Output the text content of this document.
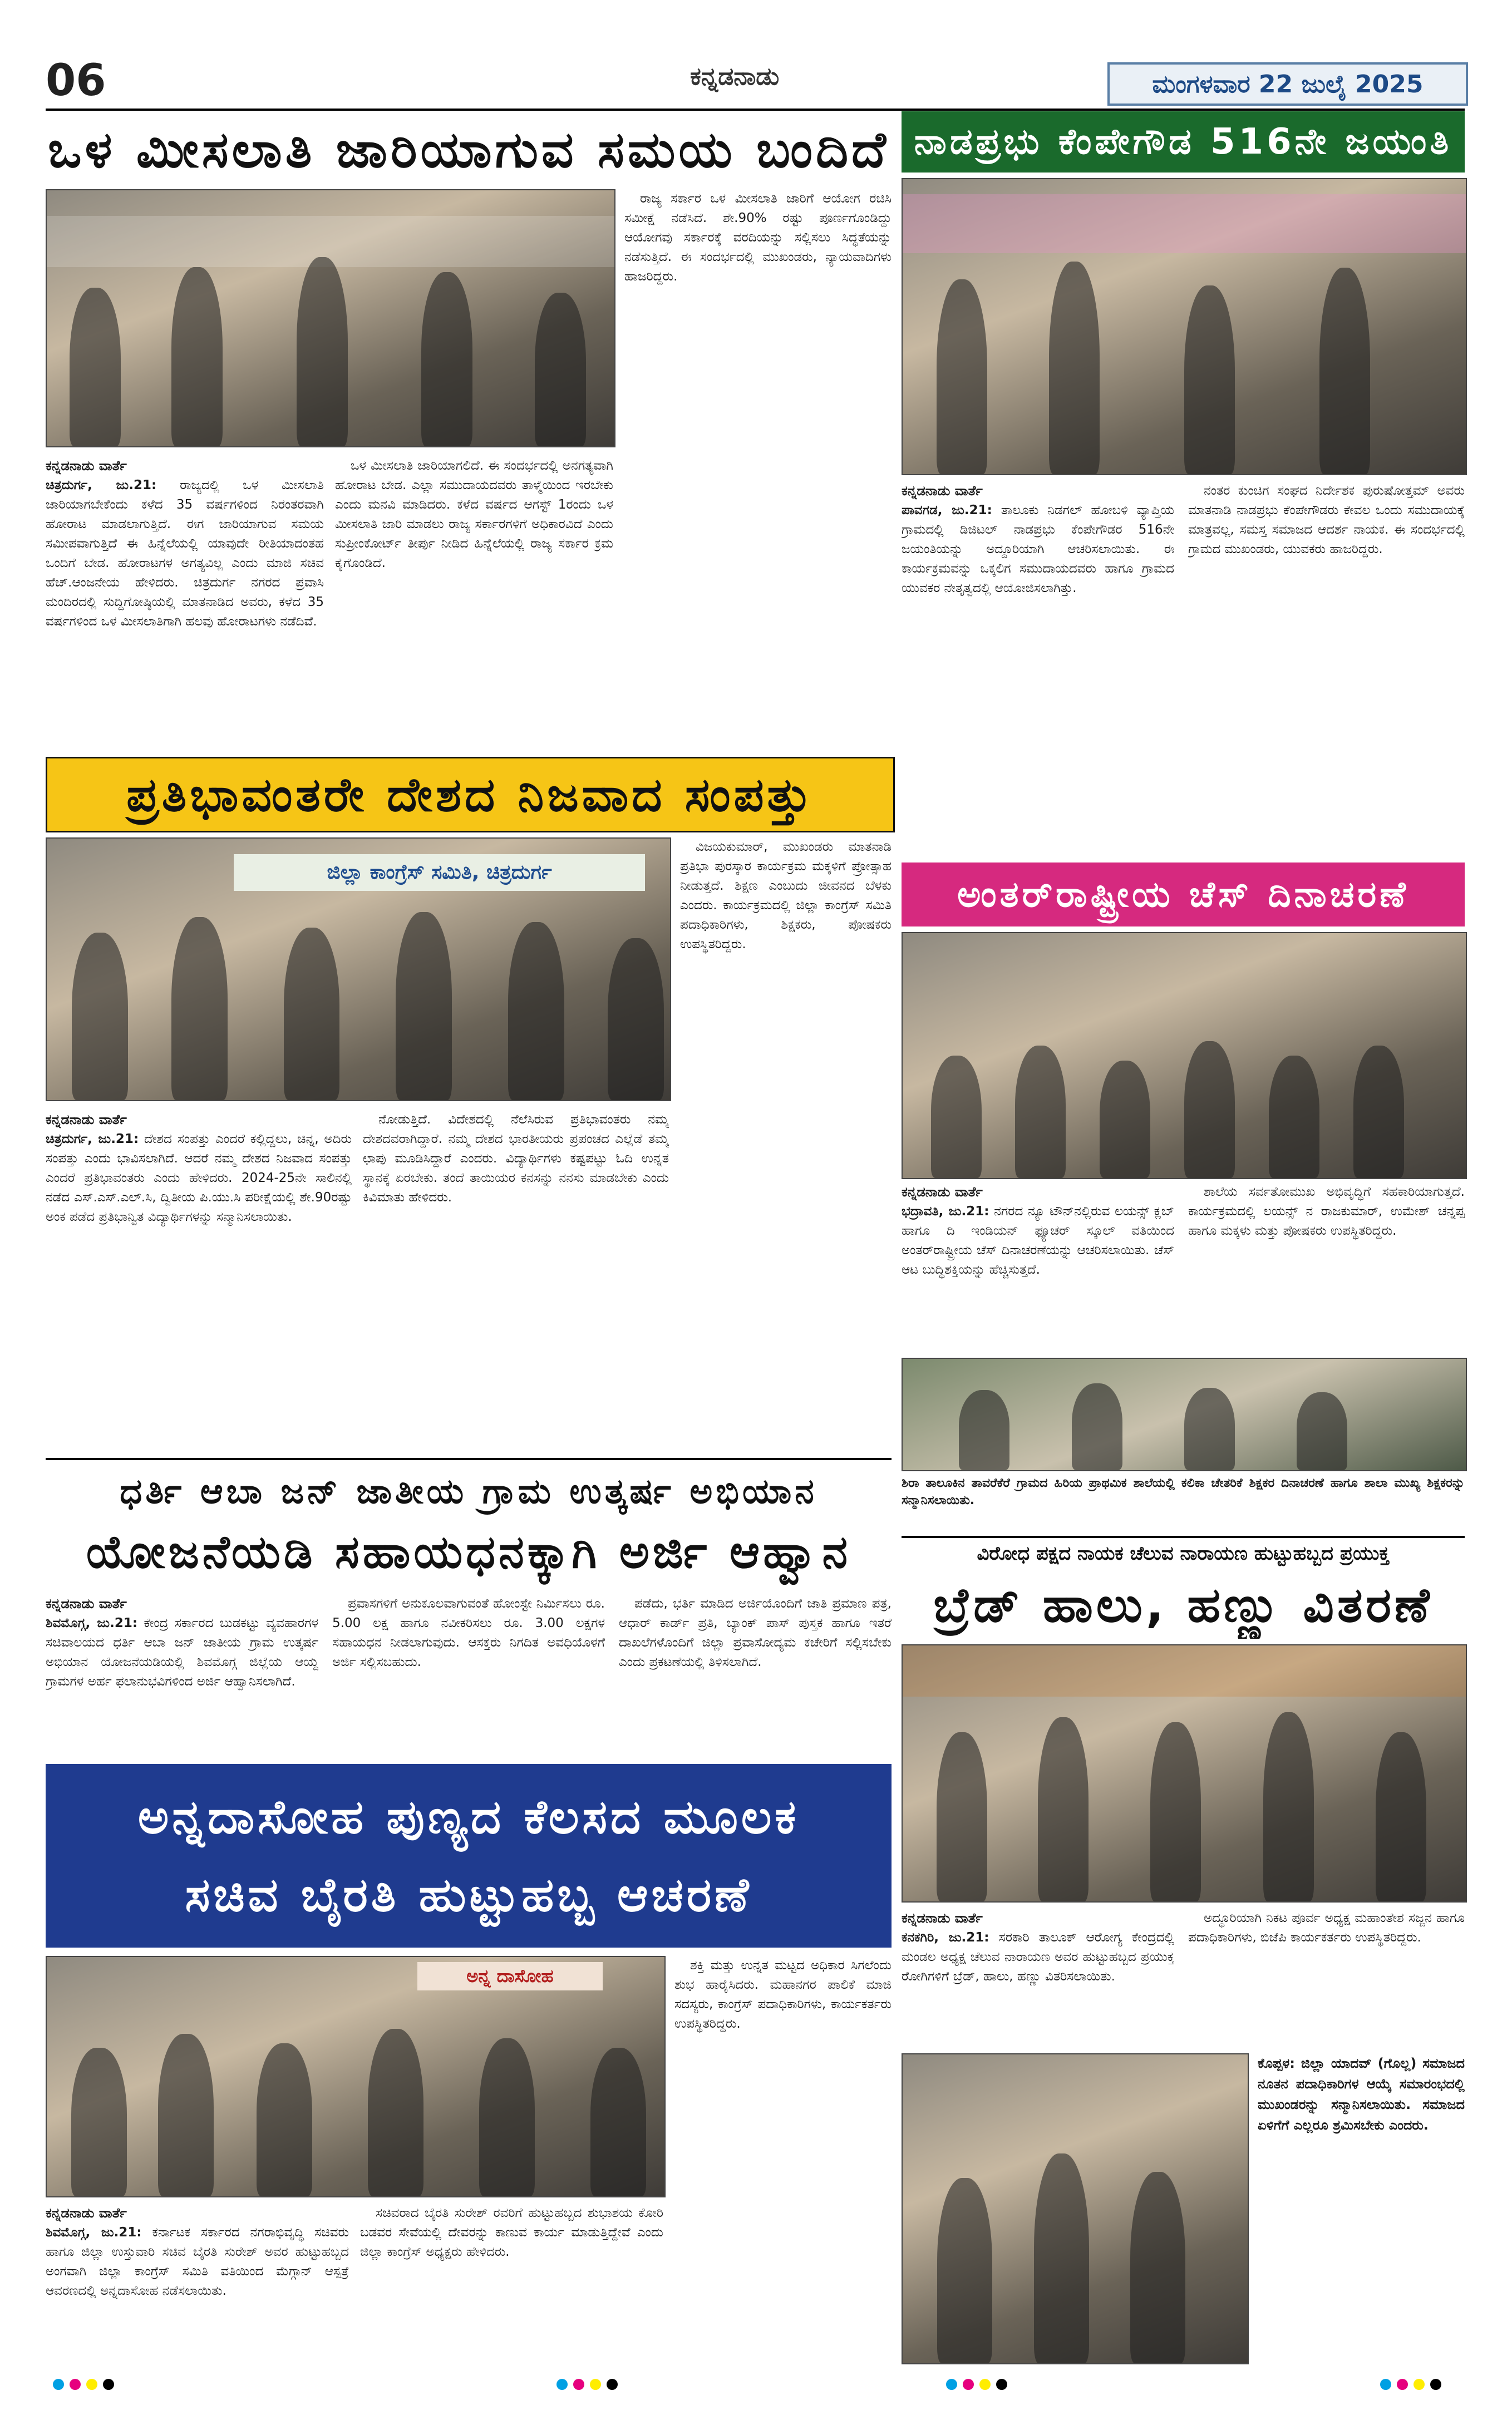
06	ಕನ್ನಡನಾಡು	ಮಂಗಳವಾರ 22 ಜುಲೈ 2025
ಒಳ ಮೀಸಲಾತಿ ಜಾರಿಯಾಗುವ ಸಮಯ ಬಂದಿದೆ

ರಾಜ್ಯ ಸರ್ಕಾರ ಒಳ ಮೀಸಲಾತಿ ಜಾರಿಗೆ ಆಯೋಗ ರಚಿಸಿ ಸಮೀಕ್ಷೆ ನಡೆಸಿದೆ. ಶೇ.90% ರಷ್ಟು ಪೂರ್ಣಗೊಂಡಿದ್ದು ಆಯೋಗವು ಸರ್ಕಾರಕ್ಕೆ ವರದಿಯನ್ನು ಸಲ್ಲಿಸಲು ಸಿದ್ಧತೆಯನ್ನು ನಡೆಸುತ್ತಿದೆ. ಈ ಸಂದರ್ಭದಲ್ಲಿ ಮುಖಂಡರು, ನ್ಯಾಯವಾದಿಗಳು ಹಾಜರಿದ್ದರು.

ಕನ್ನಡನಾಡು ವಾರ್ತೆ
ಚಿತ್ರದುರ್ಗ, ಜು.21: ರಾಜ್ಯದಲ್ಲಿ ಒಳ ಮೀಸಲಾತಿ ಜಾರಿಯಾಗಬೇಕೆಂದು ಕಳೆದ 35 ವರ್ಷಗಳಿಂದ ನಿರಂತರವಾಗಿ ಹೋರಾಟ ಮಾಡಲಾಗುತ್ತಿದೆ. ಈಗ ಜಾರಿಯಾಗುವ ಸಮಯ ಸಮೀಪವಾಗುತ್ತಿದೆ ಈ ಹಿನ್ನೆಲೆಯಲ್ಲಿ ಯಾವುದೇ ರೀತಿಯಾದಂತಹ ಒಂದಿಗೆ ಬೇಡ. ಹೋರಾಟಗಳ ಅಗತ್ಯವಿಲ್ಲ ಎಂದು ಮಾಜಿ ಸಚಿವ ಹೆಚ್.ಆಂಜನೇಯ ಹೇಳಿದರು. ಚಿತ್ರದುರ್ಗ ನಗರದ ಪ್ರವಾಸಿ ಮಂದಿರದಲ್ಲಿ ಸುದ್ದಿಗೋಷ್ಠಿಯಲ್ಲಿ ಮಾತನಾಡಿದ ಅವರು, ಕಳೆದ 35 ವರ್ಷಗಳಿಂದ ಒಳ ಮೀಸಲಾತಿಗಾಗಿ ಹಲವು ಹೋರಾಟಗಳು ನಡೆದಿವೆ.

ಒಳ ಮೀಸಲಾತಿ ಜಾರಿಯಾಗಲಿದೆ. ಈ ಸಂದರ್ಭದಲ್ಲಿ ಅನಗತ್ಯವಾಗಿ ಹೋರಾಟ ಬೇಡ. ಎಲ್ಲಾ ಸಮುದಾಯದವರು ತಾಳ್ಮೆಯಿಂದ ಇರಬೇಕು ಎಂದು ಮನವಿ ಮಾಡಿದರು. ಕಳೆದ ವರ್ಷದ ಆಗಸ್ಟ್ 1ರಂದು ಒಳ ಮೀಸಲಾತಿ ಜಾರಿ ಮಾಡಲು ರಾಜ್ಯ ಸರ್ಕಾರಗಳಿಗೆ ಅಧಿಕಾರವಿದೆ ಎಂದು ಸುಪ್ರೀಂಕೋರ್ಟ್ ತೀರ್ಪು ನೀಡಿದ ಹಿನ್ನೆಲೆಯಲ್ಲಿ ರಾಜ್ಯ ಸರ್ಕಾರ ಕ್ರಮ ಕೈಗೊಂಡಿದೆ.

ನಾಡಪ್ರಭು ಕೆಂಪೇಗೌಡ 516ನೇ ಜಯಂತಿ
ಕನ್ನಡನಾಡು ವಾರ್ತೆ
ಪಾವಗಡ, ಜು.21: ತಾಲೂಕು ನಿಡಗಲ್ ಹೋಬಳಿ ವ್ಯಾಪ್ತಿಯ ಗ್ರಾಮದಲ್ಲಿ ಡಿಜಿಟಲ್ ನಾಡಪ್ರಭು ಕೆಂಪೇಗೌಡರ 516ನೇ ಜಯಂತಿಯನ್ನು ಅದ್ದೂರಿಯಾಗಿ ಆಚರಿಸಲಾಯಿತು. ಈ ಕಾರ್ಯಕ್ರಮವನ್ನು ಒಕ್ಕಲಿಗ ಸಮುದಾಯದವರು ಹಾಗೂ ಗ್ರಾಮದ ಯುವಕರ ನೇತೃತ್ವದಲ್ಲಿ ಆಯೋಜಿಸಲಾಗಿತ್ತು.

ನಂತರ ಕುಂಚಿಗ ಸಂಘದ ನಿರ್ದೇಶಕ ಪುರುಷೋತ್ತಮ್ ಅವರು ಮಾತನಾಡಿ ನಾಡಪ್ರಭು ಕೆಂಪೇಗೌಡರು ಕೇವಲ ಒಂದು ಸಮುದಾಯಕ್ಕೆ ಮಾತ್ರವಲ್ಲ, ಸಮಸ್ತ ಸಮಾಜದ ಆದರ್ಶ ನಾಯಕ. ಈ ಸಂದರ್ಭದಲ್ಲಿ ಗ್ರಾಮದ ಮುಖಂಡರು, ಯುವಕರು ಹಾಜರಿದ್ದರು.

ಪ್ರತಿಭಾವಂತರೇ ದೇಶದ ನಿಜವಾದ ಸಂಪತ್ತು
ಜಿಲ್ಲಾ ಕಾಂಗ್ರೆಸ್ ಸಮಿತಿ, ಚಿತ್ರದುರ್ಗ

ವಿಜಯಕುಮಾರ್, ಮುಖಂಡರು ಮಾತನಾಡಿ ಪ್ರತಿಭಾ ಪುರಸ್ಕಾರ ಕಾರ್ಯಕ್ರಮ ಮಕ್ಕಳಿಗೆ ಪ್ರೋತ್ಸಾಹ ನೀಡುತ್ತದೆ. ಶಿಕ್ಷಣ ಎಂಬುದು ಜೀವನದ ಬೆಳಕು ಎಂದರು. ಕಾರ್ಯಕ್ರಮದಲ್ಲಿ ಜಿಲ್ಲಾ ಕಾಂಗ್ರೆಸ್ ಸಮಿತಿ ಪದಾಧಿಕಾರಿಗಳು, ಶಿಕ್ಷಕರು, ಪೋಷಕರು ಉಪಸ್ಥಿತರಿದ್ದರು.

ಕನ್ನಡನಾಡು ವಾರ್ತೆ
ಚಿತ್ರದುರ್ಗ, ಜು.21: ದೇಶದ ಸಂಪತ್ತು ಎಂದರೆ ಕಲ್ಲಿದ್ದಲು, ಚಿನ್ನ, ಅದಿರು ಸಂಪತ್ತು ಎಂದು ಭಾವಿಸಲಾಗಿದೆ. ಆದರೆ ನಮ್ಮ ದೇಶದ ನಿಜವಾದ ಸಂಪತ್ತು ಎಂದರೆ ಪ್ರತಿಭಾವಂತರು ಎಂದು ಹೇಳಿದರು. 2024-25ನೇ ಸಾಲಿನಲ್ಲಿ ನಡೆದ ಎಸ್.ಎಸ್.ಎಲ್.ಸಿ, ದ್ವಿತೀಯ ಪಿ.ಯು.ಸಿ ಪರೀಕ್ಷೆಯಲ್ಲಿ ಶೇ.90ರಷ್ಟು ಅಂಕ ಪಡೆದ ಪ್ರತಿಭಾನ್ವಿತ ವಿದ್ಯಾರ್ಥಿಗಳನ್ನು ಸನ್ಮಾನಿಸಲಾಯಿತು.

ನೋಡುತ್ತಿದೆ. ವಿದೇಶದಲ್ಲಿ ನೆಲೆಸಿರುವ ಪ್ರತಿಭಾವಂತರು ನಮ್ಮ ದೇಶದವರಾಗಿದ್ದಾರೆ. ನಮ್ಮ ದೇಶದ ಭಾರತೀಯರು ಪ್ರಪಂಚದ ಎಲ್ಲೆಡೆ ತಮ್ಮ ಛಾಪು ಮೂಡಿಸಿದ್ದಾರೆ ಎಂದರು. ವಿದ್ಯಾರ್ಥಿಗಳು ಕಷ್ಟಪಟ್ಟು ಓದಿ ಉನ್ನತ ಸ್ಥಾನಕ್ಕೆ ಏರಬೇಕು. ತಂದೆ ತಾಯಿಯರ ಕನಸನ್ನು ನನಸು ಮಾಡಬೇಕು ಎಂದು ಕಿವಿಮಾತು ಹೇಳಿದರು.

ಅಂತರ್‌ರಾಷ್ಟ್ರೀಯ ಚೆಸ್ ದಿನಾಚರಣೆ
ಕನ್ನಡನಾಡು ವಾರ್ತೆ
ಭದ್ರಾವತಿ, ಜು.21: ನಗರದ ನ್ಯೂ ಟೌನ್‌ನಲ್ಲಿರುವ ಲಯನ್ಸ್ ಕ್ಲಬ್ ಹಾಗೂ ದಿ ಇಂಡಿಯನ್ ಫ್ಯೂಚರ್ ಸ್ಕೂಲ್ ವತಿಯಿಂದ ಅಂತರ್‌ರಾಷ್ಟ್ರೀಯ ಚೆಸ್ ದಿನಾಚರಣೆಯನ್ನು ಆಚರಿಸಲಾಯಿತು. ಚೆಸ್ ಆಟ ಬುದ್ಧಿಶಕ್ತಿಯನ್ನು ಹೆಚ್ಚಿಸುತ್ತದೆ.

ಶಾಲೆಯ ಸರ್ವತೋಮುಖ ಅಭಿವೃದ್ಧಿಗೆ ಸಹಕಾರಿಯಾಗುತ್ತದೆ. ಕಾರ್ಯಕ್ರಮದಲ್ಲಿ ಲಯನ್ಸ್ ನ ರಾಜಕುಮಾರ್, ಉಮೇಶ್ ಚನ್ನಪ್ಪ ಹಾಗೂ ಮಕ್ಕಳು ಮತ್ತು ಪೋಷಕರು ಉಪಸ್ಥಿತರಿದ್ದರು.

ಶಿರಾ ತಾಲೂಕಿನ ತಾವರೆಕೆರೆ ಗ್ರಾಮದ ಹಿರಿಯ ಪ್ರಾಥಮಿಕ ಶಾಲೆಯಲ್ಲಿ ಕಲಿಕಾ ಚೇತರಿಕೆ ಶಿಕ್ಷಕರ ದಿನಾಚರಣೆ ಹಾಗೂ ಶಾಲಾ ಮುಖ್ಯ ಶಿಕ್ಷಕರನ್ನು ಸನ್ಮಾನಿಸಲಾಯಿತು.
ಧರ್ತಿ ಆಬಾ ಜನ್ ಜಾತೀಯ ಗ್ರಾಮ ಉತ್ಕರ್ಷ ಅಭಿಯಾನ
ಯೋಜನೆಯಡಿ ಸಹಾಯಧನಕ್ಕಾಗಿ ಅರ್ಜಿ ಆಹ್ವಾನ
ಕನ್ನಡನಾಡು ವಾರ್ತೆ
ಶಿವಮೊಗ್ಗ, ಜು.21: ಕೇಂದ್ರ ಸರ್ಕಾರದ ಬುಡಕಟ್ಟು ವ್ಯವಹಾರಗಳ ಸಚಿವಾಲಯದ ಧರ್ತಿ ಆಬಾ ಜನ್ ಜಾತೀಯ ಗ್ರಾಮ ಉತ್ಕರ್ಷ ಅಭಿಯಾನ ಯೋಜನೆಯಡಿಯಲ್ಲಿ ಶಿವಮೊಗ್ಗ ಜಿಲ್ಲೆಯ ಆಯ್ದ ಗ್ರಾಮಗಳ ಅರ್ಹ ಫಲಾನುಭವಿಗಳಿಂದ ಅರ್ಜಿ ಆಹ್ವಾನಿಸಲಾಗಿದೆ.

ಪ್ರವಾಸಗಳಿಗೆ ಅನುಕೂಲವಾಗುವಂತೆ ಹೋಂಸ್ಟೇ ನಿರ್ಮಿಸಲು ರೂ. 5.00 ಲಕ್ಷ ಹಾಗೂ ನವೀಕರಿಸಲು ರೂ. 3.00 ಲಕ್ಷಗಳ ಸಹಾಯಧನ ನೀಡಲಾಗುವುದು. ಆಸಕ್ತರು ನಿಗದಿತ ಅವಧಿಯೊಳಗೆ ಅರ್ಜಿ ಸಲ್ಲಿಸಬಹುದು.

ಪಡೆದು, ಭರ್ತಿ ಮಾಡಿದ ಅರ್ಜಿಯೊಂದಿಗೆ ಜಾತಿ ಪ್ರಮಾಣ ಪತ್ರ, ಆಧಾರ್ ಕಾರ್ಡ್ ಪ್ರತಿ, ಬ್ಯಾಂಕ್ ಪಾಸ್ ಪುಸ್ತಕ ಹಾಗೂ ಇತರೆ ದಾಖಲೆಗಳೊಂದಿಗೆ ಜಿಲ್ಲಾ ಪ್ರವಾಸೋದ್ಯಮ ಕಚೇರಿಗೆ ಸಲ್ಲಿಸಬೇಕು ಎಂದು ಪ್ರಕಟಣೆಯಲ್ಲಿ ತಿಳಿಸಲಾಗಿದೆ.

ವಿರೋಧ ಪಕ್ಷದ ನಾಯಕ ಚೆಲುವ ನಾರಾಯಣ ಹುಟ್ಟುಹಬ್ಬದ ಪ್ರಯುಕ್ತ
ಬ್ರೆಡ್ ಹಾಲು, ಹಣ್ಣು ವಿತರಣೆ
ಕನ್ನಡನಾಡು ವಾರ್ತೆ
ಕನಕಗಿರಿ, ಜು.21: ಸರಕಾರಿ ತಾಲೂಕ್ ಆರೋಗ್ಯ ಕೇಂದ್ರದಲ್ಲಿ ಮಂಡಲ ಅಧ್ಯಕ್ಷ ಚೆಲುವ ನಾರಾಯಣ ಅವರ ಹುಟ್ಟುಹಬ್ಬದ ಪ್ರಯುಕ್ತ ರೋಗಿಗಳಿಗೆ ಬ್ರೆಡ್, ಹಾಲು, ಹಣ್ಣು ವಿತರಿಸಲಾಯಿತು.

ಅದ್ಧೂರಿಯಾಗಿ ನಿಕಟ ಪೂರ್ವ ಅಧ್ಯಕ್ಷ ಮಹಾಂತೇಶ ಸಜ್ಜನ ಹಾಗೂ ಪದಾಧಿಕಾರಿಗಳು, ಬಿಜೆಪಿ ಕಾರ್ಯಕರ್ತರು ಉಪಸ್ಥಿತರಿದ್ದರು.

ಅನ್ನದಾಸೋಹ ಪುಣ್ಯದ ಕೆಲಸದ ಮೂಲಕ
ಸಚಿವ ಬೈರತಿ ಹುಟ್ಟುಹಬ್ಬ ಆಚರಣೆ
ಅನ್ನ ದಾಸೋಹ	ಶಕ್ತಿ ಮತ್ತು ಉನ್ನತ ಮಟ್ಟದ ಅಧಿಕಾರ ಸಿಗಲೆಂದು ಶುಭ ಹಾರೈಸಿದರು. ಮಹಾನಗರ ಪಾಲಿಕೆ ಮಾಜಿ ಸದಸ್ಯರು, ಕಾಂಗ್ರೆಸ್ ಪದಾಧಿಕಾರಿಗಳು, ಕಾರ್ಯಕರ್ತರು ಉಪಸ್ಥಿತರಿದ್ದರು.

ಕನ್ನಡನಾಡು ವಾರ್ತೆ
ಶಿವಮೊಗ್ಗ, ಜು.21: ಕರ್ನಾಟಕ ಸರ್ಕಾರದ ನಗರಾಭಿವೃದ್ಧಿ ಸಚಿವರು ಹಾಗೂ ಜಿಲ್ಲಾ ಉಸ್ತುವಾರಿ ಸಚಿವ ಬೈರತಿ ಸುರೇಶ್ ಅವರ ಹುಟ್ಟುಹಬ್ಬದ ಅಂಗವಾಗಿ ಜಿಲ್ಲಾ ಕಾಂಗ್ರೆಸ್ ಸಮಿತಿ ವತಿಯಿಂದ ಮೆಗ್ಗಾನ್ ಆಸ್ಪತ್ರೆ ಆವರಣದಲ್ಲಿ ಅನ್ನದಾಸೋಹ ನಡೆಸಲಾಯಿತು.

ಸಚಿವರಾದ ಬೈರತಿ ಸುರೇಶ್ ರವರಿಗೆ ಹುಟ್ಟುಹಬ್ಬದ ಶುಭಾಶಯ ಕೋರಿ ಬಡವರ ಸೇವೆಯಲ್ಲಿ ದೇವರನ್ನು ಕಾಣುವ ಕಾರ್ಯ ಮಾಡುತ್ತಿದ್ದೇವೆ ಎಂದು ಜಿಲ್ಲಾ ಕಾಂಗ್ರೆಸ್ ಅಧ್ಯಕ್ಷರು ಹೇಳಿದರು.

ಕೊಪ್ಪಳ: ಜಿಲ್ಲಾ ಯಾದವ್ (ಗೊಲ್ಲ) ಸಮಾಜದ ನೂತನ ಪದಾಧಿಕಾರಿಗಳ ಆಯ್ಕೆ ಸಮಾರಂಭದಲ್ಲಿ ಮುಖಂಡರನ್ನು ಸನ್ಮಾನಿಸಲಾಯಿತು. ಸಮಾಜದ ಏಳಿಗೆಗೆ ಎಲ್ಲರೂ ಶ್ರಮಿಸಬೇಕು ಎಂದರು.
